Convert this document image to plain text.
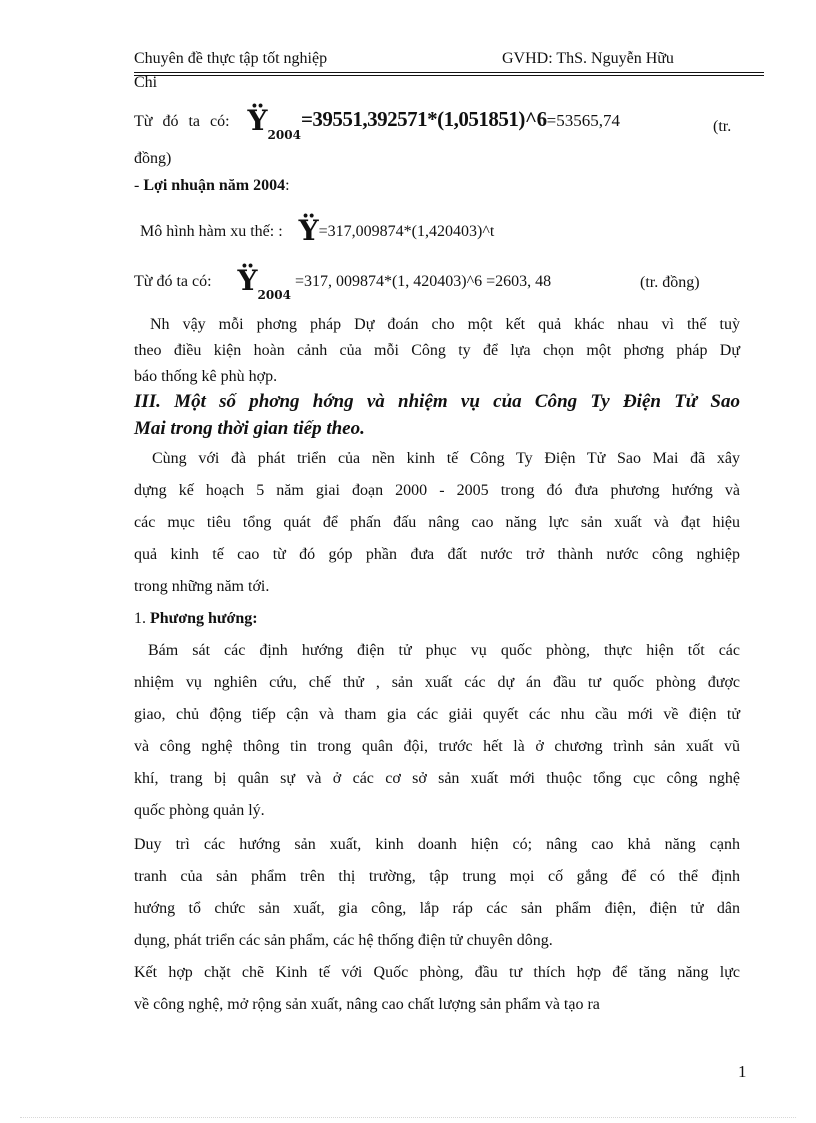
Chuyên đề thực tập tốt nghiệp	GVHD: ThS. Nguyễn Hữu
Chi
Từ đó ta có: $Ÿ_{2004}=39551,392571*(1,051851)\^{}6=53565,74$	(tr.
đồng)
- Lợi nhuận năm 2004:
Mô hình hàm xu thế: : Ÿ=317,009874*(1,420403)^t
Từ đó ta có: $Ÿ_{2004} =317$, 009874*(1, 420403)^6 =2603, 48	(tr. đồng)
Nh vậy mỗi phơng pháp Dự đoán cho một kết quả khác nhau vì thế tuỳ
theo điều kiện hoàn cảnh của mỗi Công ty để lựa chọn một phơng pháp Dự
báo thống kê phù hợp.
III. Một số phơng hớng và nhiệm vụ của Công Ty Điện Tử Sao
Mai trong thời gian tiếp theo.
Cùng với đà phát triển của nền kinh tế Công Ty Điện Tử Sao Mai đã xây
dựng kế hoạch 5 năm giai đoạn 2000 - 2005 trong đó đưa phương hướng và
các mục tiêu tổng quát để phấn đấu nâng cao năng lực sản xuất và đạt hiệu
quả kinh tế cao từ đó góp phần đưa đất nước trở thành nước công nghiệp
trong những năm tới.
1. Phương hướng:
Bám sát các định hướng điện tử phục vụ quốc phòng, thực hiện tốt các
nhiệm vụ nghiên cứu, chế thử , sản xuất các dự án đầu tư quốc phòng được
giao, chủ động tiếp cận và tham gia các giải quyết các nhu cầu mới về điện tử
và công nghệ thông tin trong quân đội, trước hết là ở chương trình sản xuất vũ
khí, trang bị quân sự và ở các cơ sở sản xuất mới thuộc tổng cục công nghệ
quốc phòng quản lý.
Duy trì các hướng sản xuất, kinh doanh hiện có; nâng cao khả năng cạnh
tranh của sản phẩm trên thị trường, tập trung mọi cố gắng để có thể định
hướng tổ chức sản xuất, gia công, lắp ráp các sản phẩm điện, điện tử dân
dụng, phát triển các sản phẩm, các hệ thống điện tử chuyên dông.
Kết hợp chặt chẽ Kinh tế với Quốc phòng, đầu tư thích hợp để tăng năng lực
về công nghệ, mở rộng sản xuất, nâng cao chất lượng sản phẩm và tạo ra
1
